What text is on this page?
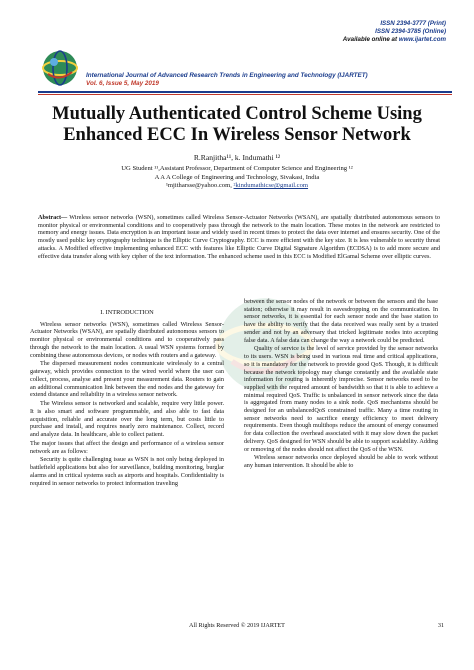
ISSN 2394-3777 (Print)
ISSN 2394-3785 (Online)
Available online at www.ijartet.com
International Journal of Advanced Research Trends in Engineering and Technology (IJARTET)
Vol. 6, Issue 5, May 2019
Mutually Authenticated Control Scheme Using
Enhanced ECC In Wireless Sensor Network
R.Ranjitha¹¹, k. Indumathi ¹²
UG Student ¹¹,Assistant Professor, Department of Computer Science and Engineering ¹²
A A A College of Engineering and Technology, Sivakasi, India
¹mjitharsse@yahoo.com, ²kindumathicse@gmail.com
Abstract— Wireless sensor networks (WSN), sometimes called Wireless Sensor-Actuator Networks (WSAN), are spatially distributed autonomous sensors to monitor physical or environmental conditions and to cooperatively pass through the network to the main location. These motes in the network are restricted to memory and energy issues. Data encryption is an important issue and widely used in recent times to protect the data over internet and ensures security. One of the mostly used public key cryptography technique is the Elliptic Curve Cryptography. ECC is more efficient with the key size. It is less vulnerable to security threat attacks. A Modified effective implementing enhanced ECC with features like Elliptic Curve Digital Signature Algorithm (ECDSA) is to add more secure and effective data transfer along with key cipher of the text information. The enhanced scheme used in this ECC is Modified ElGamal Scheme over elliptic curves.
I. INTRODUCTION

Wireless sensor networks (WSN), sometimes called Wireless Sensor-Actuator Networks (WSAN), are spatially distributed autonomous sensors to monitor physical or environmental conditions and to cooperatively pass through the network to the main location. A usual WSN systems formed by combining these autonomous devices, or nodes with routers and a gateway.

The dispersed measurement nodes communicate wirelessly to a central gateway, which provides connection to the wired world where the user can collect, process, analyse and present your measurement data. Routers to gain an additional communication link between the end nodes and the gateway for extend distance and reliability in a wireless sensor network.

The Wireless sensor is networked and scalable, require very little power. It is also smart and software programmable, and also able to fast data acquisition, reliable and accurate over the long term, but costs little to purchase and install, and requires nearly zero maintenance. Collect, record and analyze data. In healthcare, able to collect patient.

The major issues that affect the design and performance of a wireless sensor network are as follows:

Security is quite challenging issue as WSN is not only being deployed in battlefield applications but also for surveillance, building monitoring, burglar alarms and in critical systems such as airports and hospitals. Confidentiality is required in sensor networks to protect information traveling

between the sensor nodes of the network or between the sensors and the base station; otherwise it may result in eavesdropping on the communication. In sensor networks, it is essential for each sensor node and the base station to have the ability to verify that the data received was really sent by a trusted sender and not by an adversary that tricked legitimate nodes into accepting false data. A false data can change the way a network could be predicted.

Quality of service is the level of service provided by the sensor networks to its users. WSN is being used in various real time and critical applications, so it is mandatory for the network to provide good QoS. Though, it is difficult because the network topology may change constantly and the available state information for routing is inherently imprecise. Sensor networks need to be supplied with the required amount of bandwidth so that it is able to achieve a minimal required QoS. Traffic is unbalanced in sensor network since the data is aggregated from many nodes to a sink node. QoS mechanisms should be designed for an unbalancedQoS constrained traffic. Many a time routing in sensor networks need to sacrifice energy efficiency to meet delivery requirements. Even though multihops reduce the amount of energy consumed for data collection the overhead associated with it may slow down the packet delivery. QoS designed for WSN should be able to support scalability. Adding or removing of the nodes should not affect the QoS of the WSN.

Wireless sensor networks once deployed should be able to work without any human intervention. It should be able to

All Rights Reserved © 2019 IJARTET	31
